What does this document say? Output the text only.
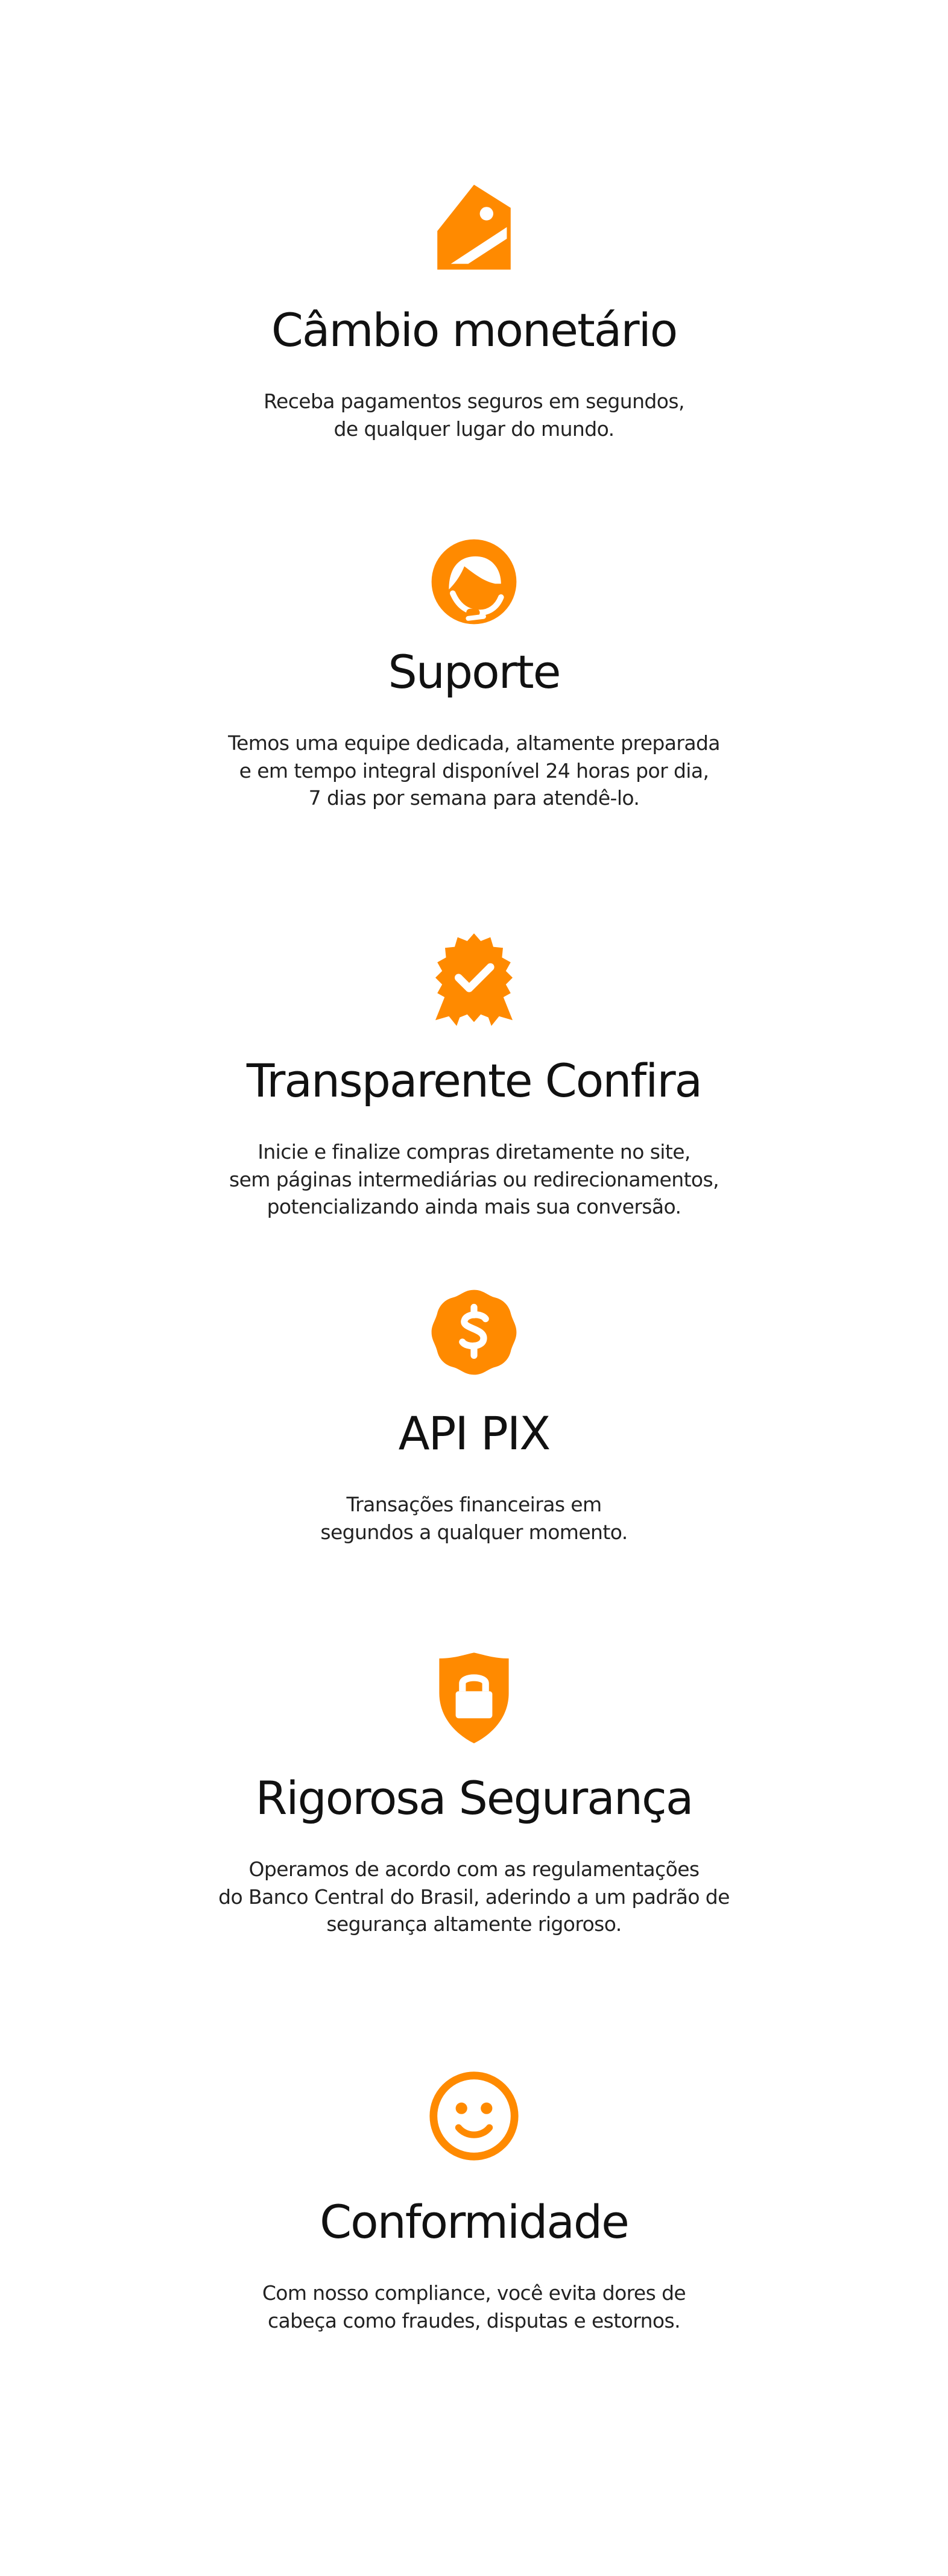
Câmbio monetário
Receba pagamentos seguros em segundos,
de qualquer lugar do mundo.
Suporte
Temos uma equipe dedicada, altamente preparada
e em tempo integral disponível 24 horas por dia,
7 dias por semana para atendê-lo.
Transparente Confira
Inicie e finalize compras diretamente no site,
sem páginas intermediárias ou redirecionamentos,
potencializando ainda mais sua conversão.
API PIX
Transações financeiras em
segundos a qualquer momento.
Rigorosa Segurança
Operamos de acordo com as regulamentações
do Banco Central do Brasil, aderindo a um padrão de
segurança altamente rigoroso.
Conformidade
Com nosso compliance, você evita dores de
cabeça como fraudes, disputas e estornos.
